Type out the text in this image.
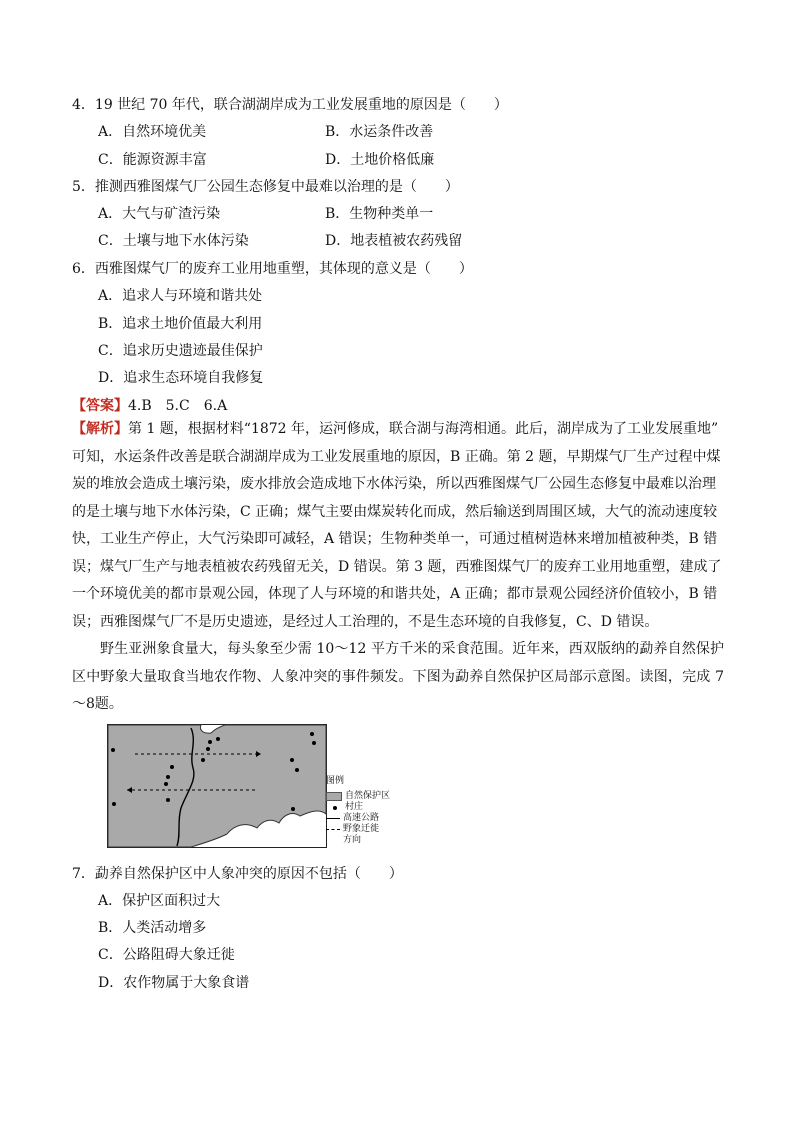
4．19 世纪 70 年代，联合湖湖岸成为工业发展重地的原因是（　　）
A．自然环境优美	B．水运条件改善
C．能源资源丰富	D．土地价格低廉
5．推测西雅图煤气厂公园生态修复中最难以治理的是（　　）
A．大气与矿渣污染	B．生物种类单一
C．土壤与地下水体污染	D．地表植被农药残留
6．西雅图煤气厂的废弃工业用地重塑，其体现的意义是（　　）
A．追求人与环境和谐共处
B．追求土地价值最大利用
C．追求历史遗迹最佳保护
D．追求生态环境自我修复
【答案】4.B　5.C　6.A

【解析】第 1 题，根据材料“1872 年，运河修成，联合湖与海湾相通。此后，湖岸成为了工业发展重地”

可知，水运条件改善是联合湖湖岸成为工业发展重地的原因，B 正确。第 2 题，早期煤气厂生产过程中煤

炭的堆放会造成土壤污染，废水排放会造成地下水体污染，所以西雅图煤气厂公园生态修复中最难以治理

的是土壤与地下水体污染，C 正确；煤气主要由煤炭转化而成，然后输送到周围区域，大气的流动速度较

快，工业生产停止，大气污染即可减轻，A 错误；生物种类单一，可通过植树造林来增加植被种类，B 错

误；煤气厂生产与地表植被农药残留无关，D 错误。第 3 题，西雅图煤气厂的废弃工业用地重塑，建成了

一个环境优美的都市景观公园，体现了人与环境的和谐共处，A 正确；都市景观公园经济价值较小，B 错

误；西雅图煤气厂不是历史遗迹，是经过人工治理的，不是生态环境的自我修复，C、D 错误。

野生亚洲象食量大，每头象至少需 10～12 平方千米的采食范围。近年来，西双版纳的勐养自然保护区中野象大量取食当地农作物、人象冲突的事件频发。下图为勐养自然保护区局部示意图。读图，完成 7～8题。
图例
自然保护区
村庄
高速公路
野象迁徙
方向
7．勐养自然保护区中人象冲突的原因不包括（　　）
A．保护区面积过大
B．人类活动增多
C．公路阻碍大象迁徙
D．农作物属于大象食谱
